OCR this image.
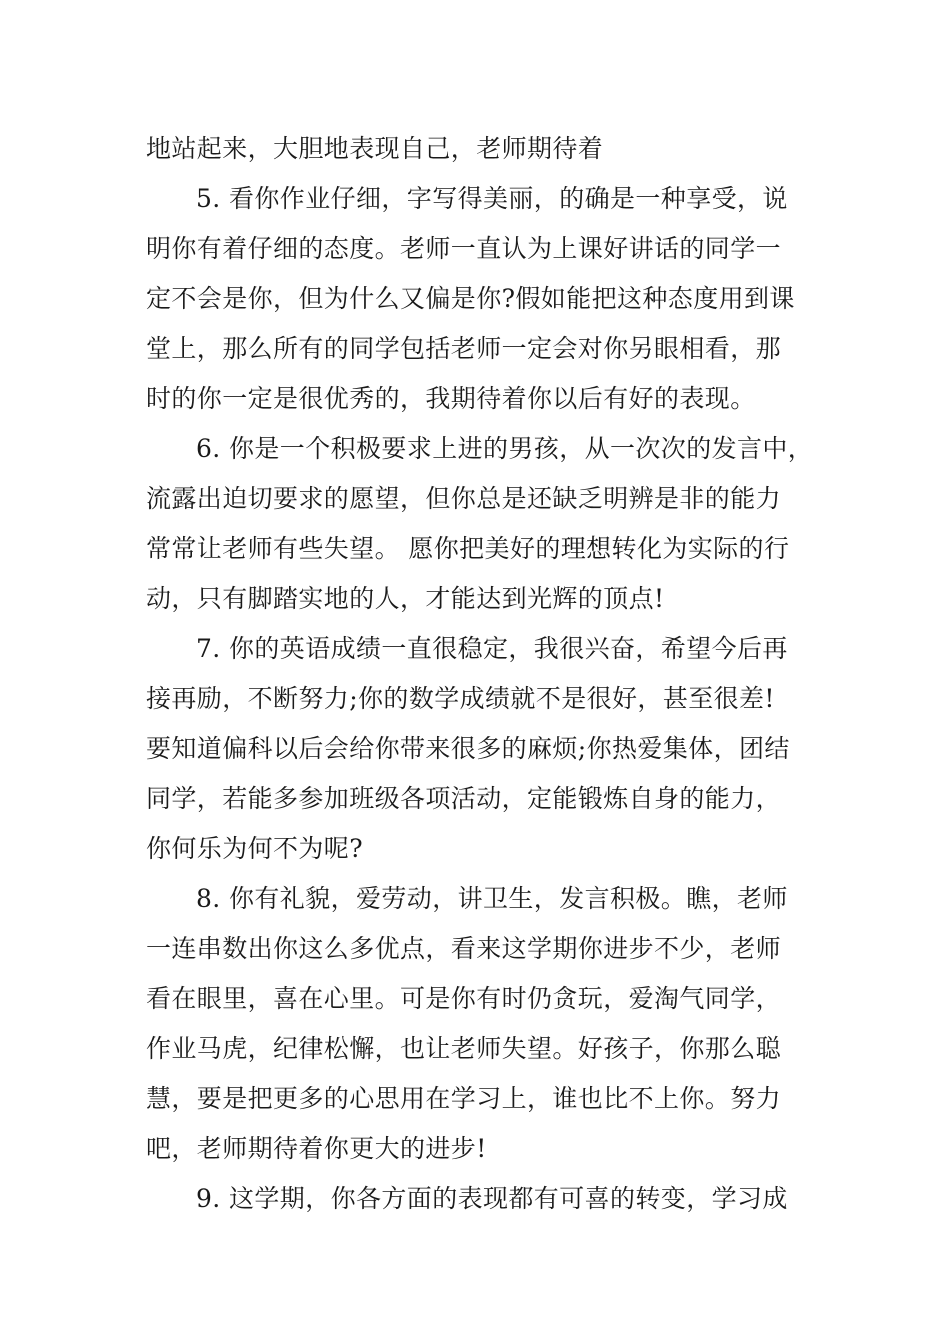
地站起来，大胆地表现自己，老师期待着

5. 看你作业仔细，字写得美丽，的确是一种享受，说

明你有着仔细的态度。老师一直认为上课好讲话的同学一

定不会是你，但为什么又偏是你?假如能把这种态度用到课

堂上，那么所有的同学包括老师一定会对你另眼相看，那

时的你一定是很优秀的，我期待着你以后有好的表现。

6. 你是一个积极要求上进的男孩，从一次次的发言中，

流露出迫切要求的愿望，但你总是还缺乏明辨是非的能力

常常让老师有些失望。 愿你把美好的理想转化为实际的行

动，只有脚踏实地的人，才能达到光辉的顶点!

7. 你的英语成绩一直很稳定，我很兴奋，希望今后再

接再励，不断努力;你的数学成绩就不是很好，甚至很差!

要知道偏科以后会给你带来很多的麻烦;你热爱集体，团结

同学，若能多参加班级各项活动，定能锻炼自身的能力，

你何乐为何不为呢?

8. 你有礼貌，爱劳动，讲卫生，发言积极。瞧，老师

一连串数出你这么多优点，看来这学期你进步不少，老师

看在眼里，喜在心里。可是你有时仍贪玩，爱淘气同学，

作业马虎，纪律松懈，也让老师失望。好孩子，你那么聪

慧，要是把更多的心思用在学习上，谁也比不上你。努力

吧，老师期待着你更大的进步!

9. 这学期，你各方面的表现都有可喜的转变，学习成
